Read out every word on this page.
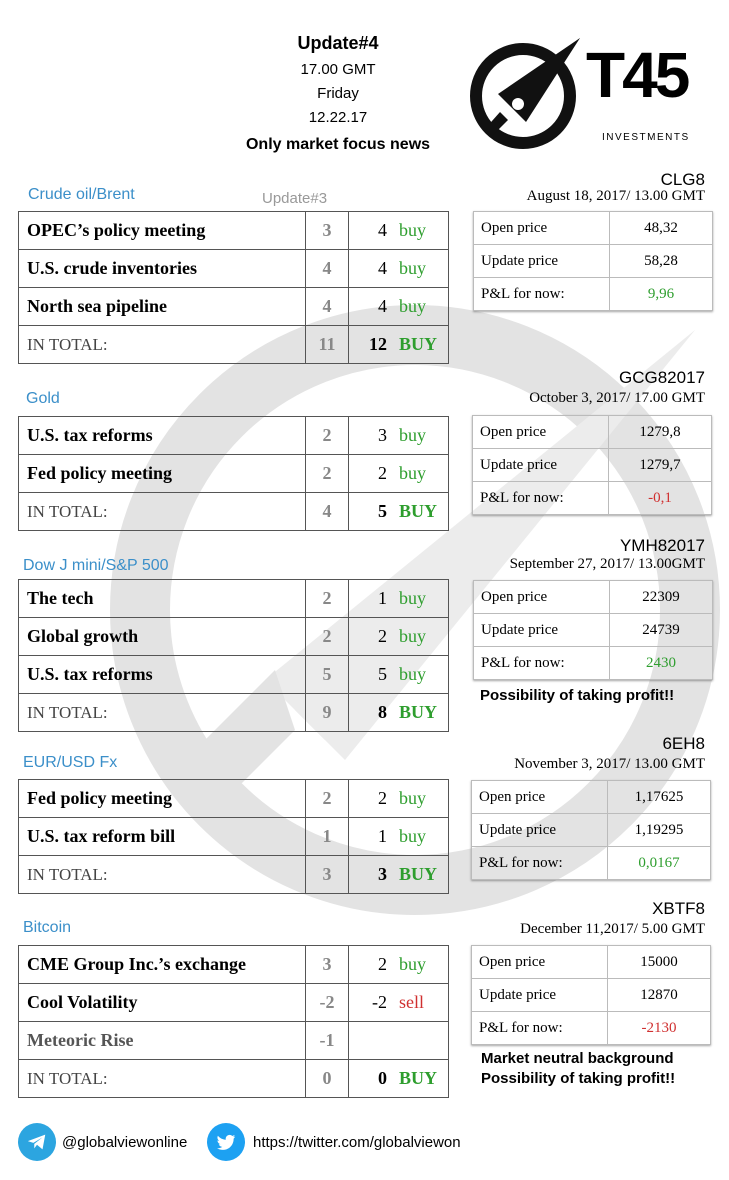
Update#4
17.00 GMT
Friday
12.22.17
Only market focus news
T45
INVESTMENTS
Crude oil/Brent	Update#3
OPEC’s policy meeting	3	4 buy
U.S. crude inventories	4	4 buy
North sea pipeline	4	4 buy
IN TOTAL:	11	12 BUY
CLG8
August 18, 2017/ 13.00 GMT
Open price	48,32
Update price	58,28
P&L for now:	9,96
Gold
U.S. tax reforms	2	3 buy
Fed policy meeting	2	2 buy
IN TOTAL:	4	5 BUY
GCG82017
October 3, 2017/ 17.00 GMT
Open price	1279,8
Update price	1279,7
P&L for now:	-0,1
Dow J mini/S&P 500
The tech	2	1 buy
Global growth	2	2 buy
U.S. tax reforms	5	5 buy
IN TOTAL:	9	8 BUY
YMH82017
September 27, 2017/ 13.00GMT
Open price	22309
Update price	24739
P&L for now:	2430
Possibility of taking profit!!
EUR/USD Fx
Fed policy meeting	2	2 buy
U.S. tax reform bill	1	1 buy
IN TOTAL:	3	3 BUY
6EH8
November 3, 2017/ 13.00 GMT
Open price	1,17625
Update price	1,19295
P&L for now:	0,0167
Bitcoin
CME Group Inc.’s exchange	3	2 buy
Cool Volatility	-2	-2 sell
Meteoric Rise	-1	
IN TOTAL:	0	0 BUY
XBTF8
December 11,2017/ 5.00 GMT
Open price	15000
Update price	12870
P&L for now:	-2130
Market neutral background
Possibility of taking profit!!
@globalviewonline	https://twitter.com/globalviewon
